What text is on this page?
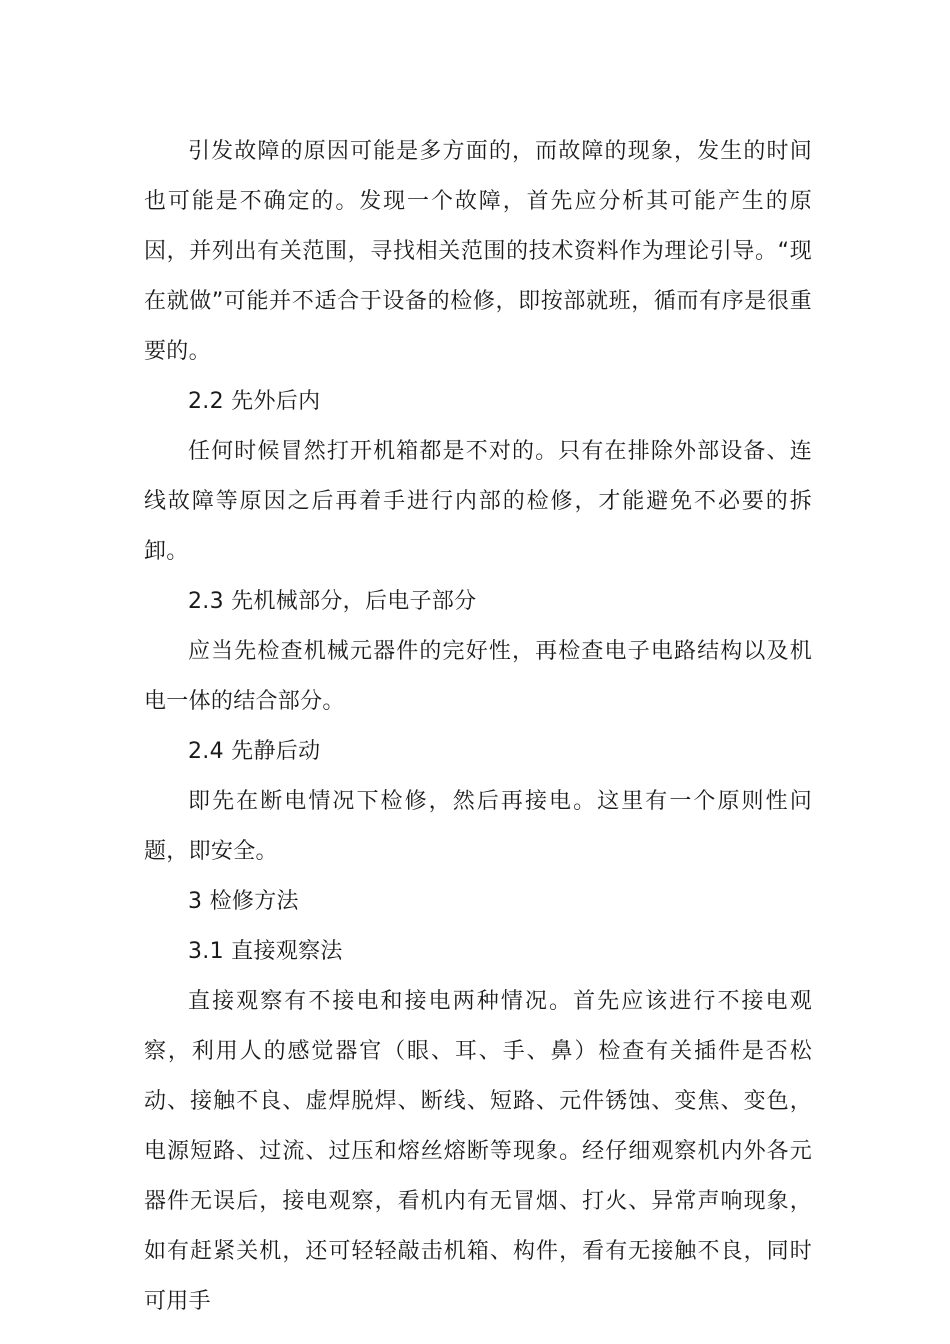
引发故障的原因可能是多方面的，而故障的现象，发生的时间也可能是不确定的。发现一个故障，首先应分析其可能产生的原因，并列出有关范围，寻找相关范围的技术资料作为理论引导。“现在就做”可能并不适合于设备的检修，即按部就班，循而有序是很重要的。

2.2 先外后内

任何时候冒然打开机箱都是不对的。只有在排除外部设备、连线故障等原因之后再着手进行内部的检修，才能避免不必要的拆卸。

2.3 先机械部分，后电子部分

应当先检查机械元器件的完好性，再检查电子电路结构以及机电一体的结合部分。

2.4 先静后动

即先在断电情况下检修，然后再接电。这里有一个原则性问题，即安全。

3 检修方法

3.1 直接观察法

直接观察有不接电和接电两种情况。首先应该进行不接电观察，利用人的感觉器官（眼、耳、手、鼻）检查有关插件是否松动、接触不良、虚焊脱焊、断线、短路、元件锈蚀、变焦、变色，电源短路、过流、过压和熔丝熔断等现象。经仔细观察机内外各元器件无误后，接电观察，看机内有无冒烟、打火、异常声响现象，如有赶紧关机，还可轻轻敲击机箱、构件，看有无接触不良，同时可用手
